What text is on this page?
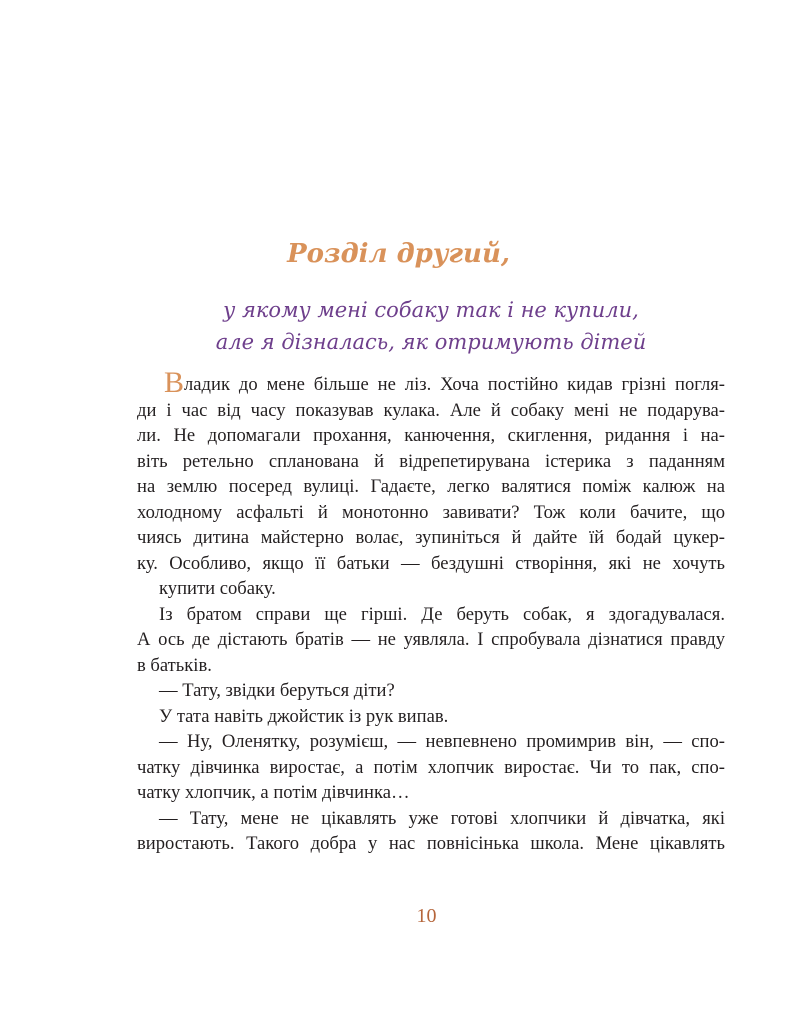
Розділ другий,
у якому мені собаку так і не купили,
але я дізналась, як отримують дітей
Владик до мене більше не ліз. Хоча постійно кидав грізні погля-
ди і час від часу показував кулака. Але й собаку мені не подарува-
ли. Не допомагали прохання, канючення, скиглення, ридання і на-
віть ретельно спланована й відрепетирувана істерика з паданням
на землю посеред вулиці. Гадаєте, легко валятися поміж калюж на
холодному асфальті й монотонно завивати? Тож коли бачите, що
чиясь дитина майстерно волає, зупиніться й дайте їй бодай цукер-
ку. Особливо, якщо її батьки — бездушні створіння, які не хочуть
купити собаку.
Із братом справи ще гірші. Де беруть собак, я здогадувалася.
А ось де дістають братів — не уявляла. І спробувала дізнатися правду
в батьків.
— Тату, звідки беруться діти?
У тата навіть джойстик із рук випав.
— Ну, Оленятку, розумієш, — невпевнено промимрив він, — спо-
чатку дівчинка виростає, а потім хлопчик виростає. Чи то пак, спо-
чатку хлопчик, а потім дівчинка…
— Тату, мене не цікавлять уже готові хлопчики й дівчатка, які
виростають. Такого добра у нас повнісінька школа. Мене цікавлять
10
